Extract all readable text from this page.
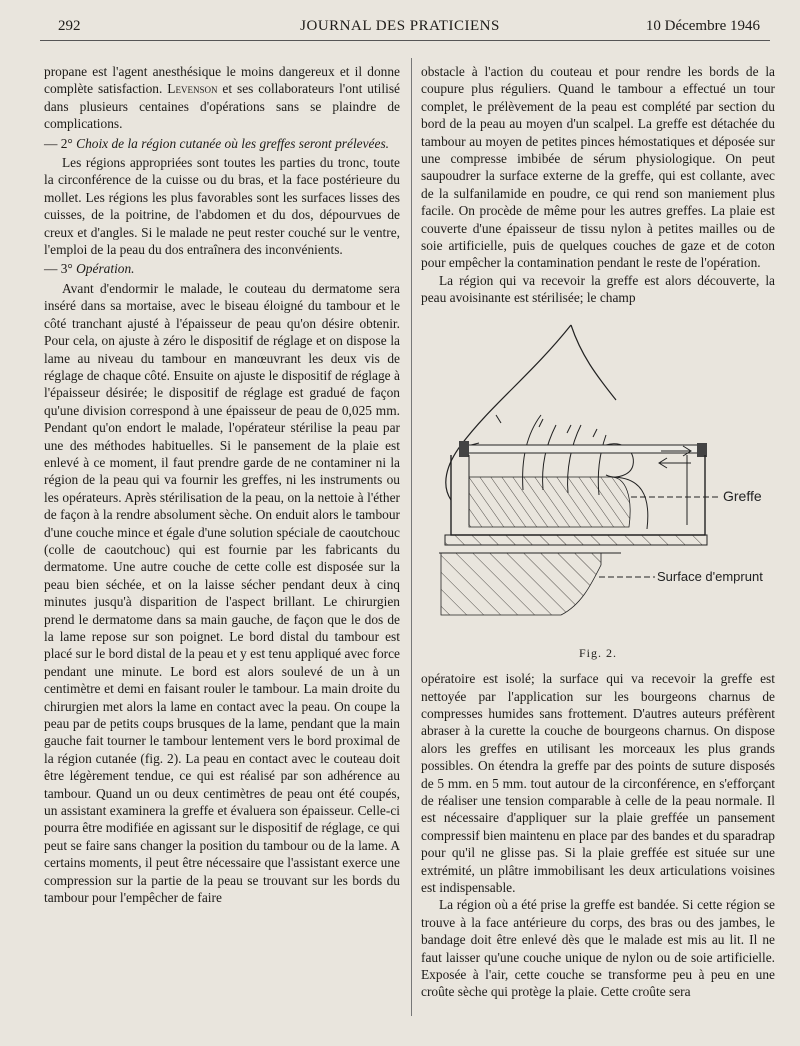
292	JOURNAL DES PRATICIENS	10 Décembre 1946

propane est l'agent anesthésique le moins dangereux et il donne complète satisfaction. Levenson et ses collaborateurs l'ont utilisé dans plusieurs centaines d'opérations sans se plaindre de complications.

— 2° Choix de la région cutanée où les greffes seront prélevées.

Les régions appropriées sont toutes les parties du tronc, toute la circonférence de la cuisse ou du bras, et la face postérieure du mollet. Les régions les plus favorables sont les surfaces lisses des cuisses, de la poitrine, de l'abdomen et du dos, dépourvues de creux et d'angles. Si le malade ne peut rester couché sur le ventre, l'emploi de la peau du dos entraînera des inconvénients.

— 3° Opération.

Avant d'endormir le malade, le couteau du dermatome sera inséré dans sa mortaise, avec le biseau éloigné du tambour et le côté tranchant ajusté à l'épaisseur de peau qu'on désire obtenir. Pour cela, on ajuste à zéro le dispositif de réglage et on dispose la lame au niveau du tambour en manœuvrant les deux vis de réglage de chaque côté. Ensuite on ajuste le dispositif de réglage à l'épaisseur désirée; le dispositif de réglage est gradué de façon qu'une division correspond à une épaisseur de peau de 0,025 mm. Pendant qu'on endort le malade, l'opérateur stérilise la peau par une des méthodes habituelles. Si le pansement de la plaie est enlevé à ce moment, il faut prendre garde de ne contaminer ni la région de la peau qui va fournir les greffes, ni les instruments ou les opérateurs. Après stérilisation de la peau, on la nettoie à l'éther de façon à la rendre absolument sèche. On enduit alors le tambour d'une couche mince et égale d'une solution spéciale de caoutchouc (colle de caoutchouc) qui est fournie par les fabricants du dermatome. Une autre couche de cette colle est disposée sur la peau bien séchée, et on la laisse sécher pendant deux à cinq minutes jusqu'à disparition de l'aspect brillant. Le chirurgien prend le dermatome dans sa main gauche, de façon que le dos de la lame repose sur son poignet. Le bord distal du tambour est placé sur le bord distal de la peau et y est tenu appliqué avec force pendant une minute. Le bord est alors soulevé de un à un centimètre et demi en faisant rouler le tambour. La main droite du chirurgien met alors la lame en contact avec la peau. On coupe la peau par de petits coups brusques de la lame, pendant que la main gauche fait tourner le tambour lentement vers le bord proximal de la région cutanée (fig. 2). La peau en contact avec le couteau doit être légèrement tendue, ce qui est réalisé par son adhérence au tambour. Quand un ou deux centimètres de peau ont été coupés, un assistant examinera la greffe et évaluera son épaisseur. Celle-ci pourra être modifiée en agissant sur le dispositif de réglage, ce qui peut se faire sans changer la position du tambour ou de la lame. A certains moments, il peut être nécessaire que l'assistant exerce une compression sur la partie de la peau se trouvant sur les bords du tambour pour l'empêcher de faire

obstacle à l'action du couteau et pour rendre les bords de la coupure plus réguliers. Quand le tambour a effectué un tour complet, le prélèvement de la peau est complété par section du bord de la peau au moyen d'un scalpel. La greffe est détachée du tambour au moyen de petites pinces hémostatiques et déposée sur une compresse imbibée de sérum physiologique. On peut saupoudrer la surface externe de la greffe, qui est collante, avec de la sulfanilamide en poudre, ce qui rend son maniement plus facile. On procède de même pour les autres greffes. La plaie est couverte d'une épaisseur de tissu nylon à petites mailles ou de soie artificielle, puis de quelques couches de gaze et de coton pour empêcher la contamination pendant le reste de l'opération.

La région qui va recevoir la greffe est alors découverte, la peau avoisinante est stérilisée; le champ

Greffe
Surface d'emprunt
Fig. 2.

opératoire est isolé; la surface qui va recevoir la greffe est nettoyée par l'application sur les bourgeons charnus de compresses humides sans frottement. D'autres auteurs préfèrent abraser à la curette la couche de bourgeons charnus. On dispose alors les greffes en utilisant les morceaux les plus grands possibles. On étendra la greffe par des points de suture disposés de 5 mm. en 5 mm. tout autour de la circonférence, en s'efforçant de réaliser une tension comparable à celle de la peau normale. Il est nécessaire d'appliquer sur la plaie greffée un pansement compressif bien maintenu en place par des bandes et du sparadrap pour qu'il ne glisse pas. Si la plaie greffée est située sur une extrémité, un plâtre immobilisant les deux articulations voisines est indispensable.

La région où a été prise la greffe est bandée. Si cette région se trouve à la face antérieure du corps, des bras ou des jambes, le bandage doit être enlevé dès que le malade est mis au lit. Il ne faut laisser qu'une couche unique de nylon ou de soie artificielle. Exposée à l'air, cette couche se transforme peu à peu en une croûte sèche qui protège la plaie. Cette croûte sera
